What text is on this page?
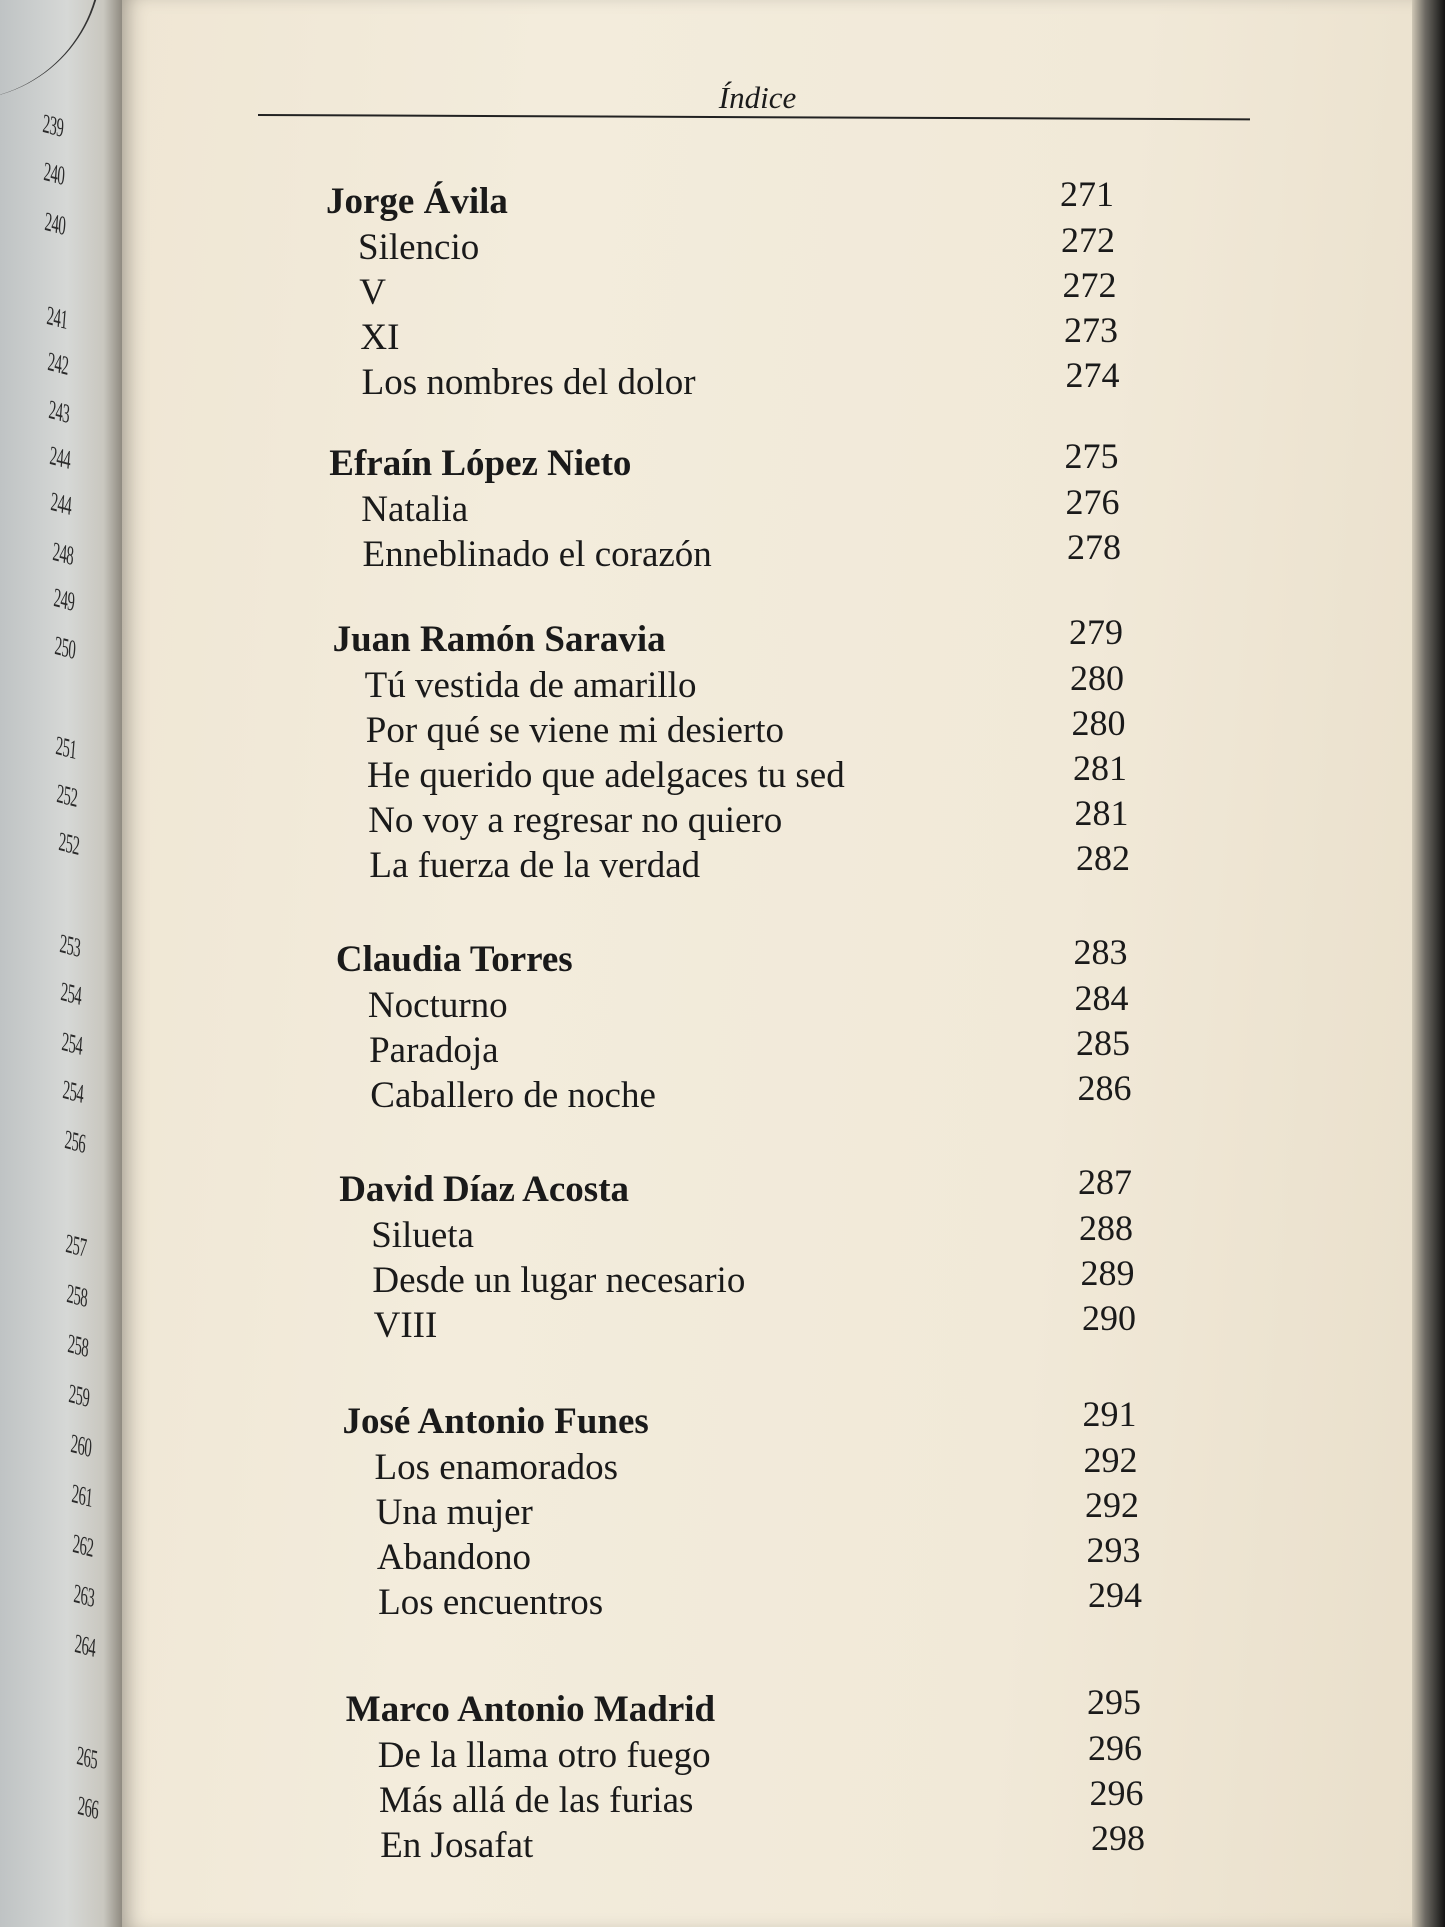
239
240
240
241
242
243
244
244
248
249
250
251
252
252
253
254
254
254
256
257
258
258
259
260
261
262
263
264
265
266
Índice
Jorge Ávila	271
Silencio	272
V	272
XI	273
Los nombres del dolor	274
Efraín López Nieto	275
Natalia	276
Enneblinado el corazón	278
Juan Ramón Saravia	279
Tú vestida de amarillo	280
Por qué se viene mi desierto	280
He querido que adelgaces tu sed	281
No voy a regresar no quiero	281
La fuerza de la verdad	282
Claudia Torres	283
Nocturno	284
Paradoja	285
Caballero de noche	286
David Díaz Acosta	287
Silueta	288
Desde un lugar necesario	289
VIII	290
José Antonio Funes	291
Los enamorados	292
Una mujer	292
Abandono	293
Los encuentros	294
Marco Antonio Madrid	295
De la llama otro fuego	296
Más allá de las furias	296
En Josafat	298
